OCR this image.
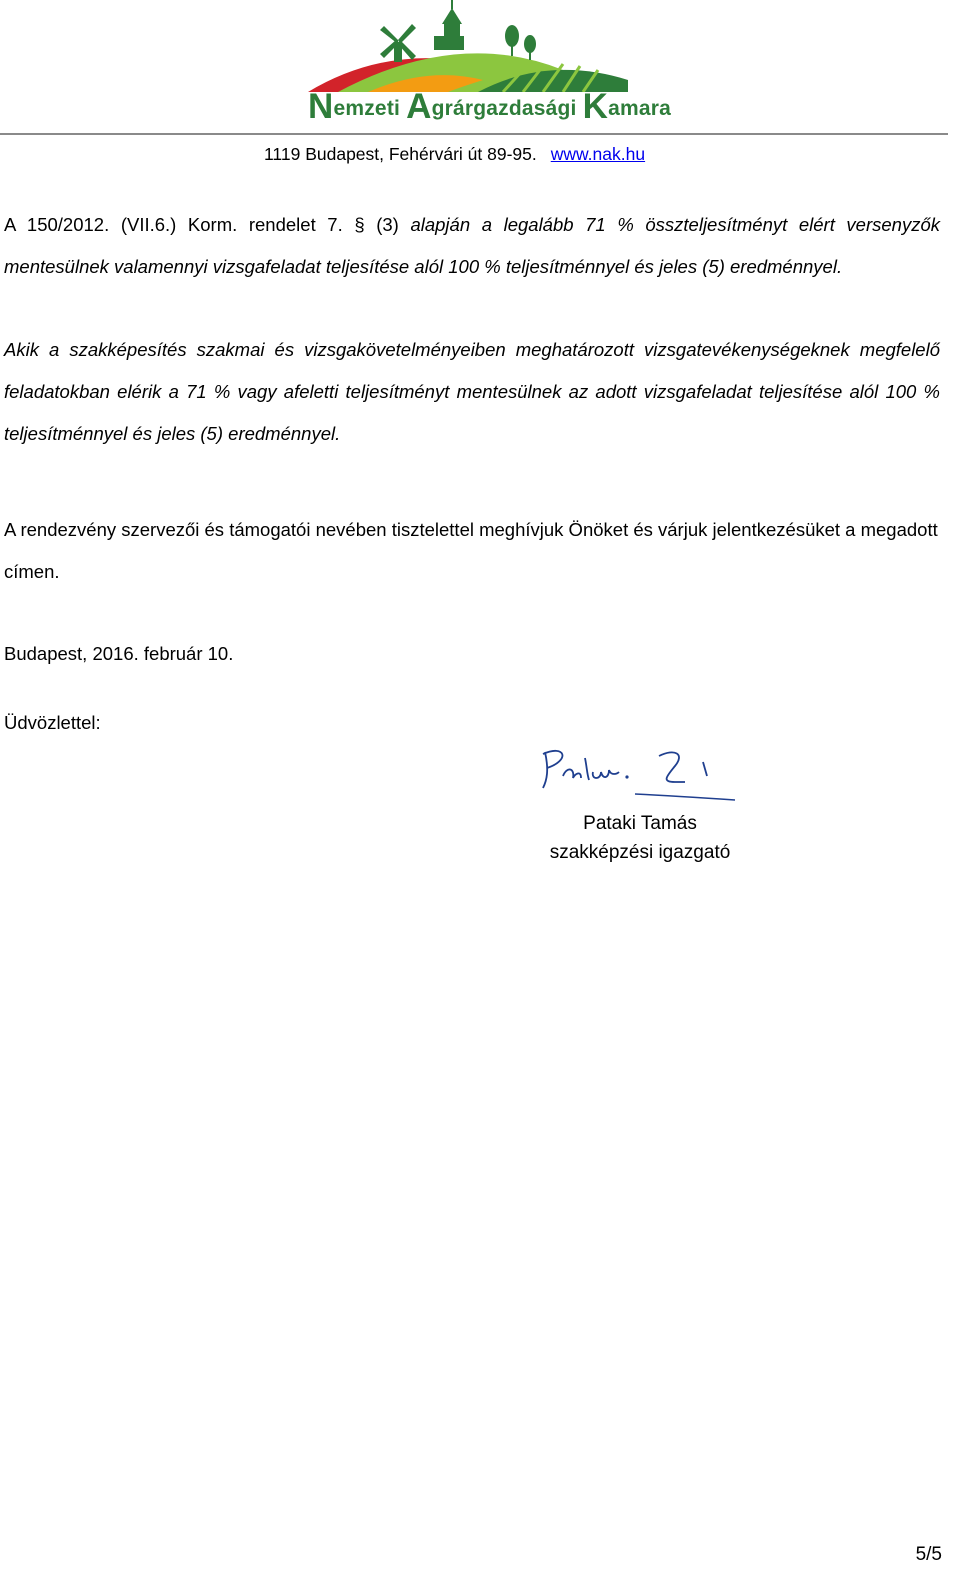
Nemzeti Agrárgazdasági Kamara
1119 Budapest, Fehérvári út 89-95. www.nak.hu

A 150/2012. (VII.6.) Korm. rendelet 7. § (3) alapján a legalább 71 % összteljesítményt elért versenyzők mentesülnek valamennyi vizsgafeladat teljesítése alól 100 % teljesítménnyel és jeles (5) eredménnyel.

Akik a szakképesítés szakmai és vizsgakövetelményeiben meghatározott vizsgatevékenységeknek megfelelő feladatokban elérik a 71 % vagy afeletti teljesítményt mentesülnek az adott vizsgafeladat teljesítése alól 100 % teljesítménnyel és jeles (5) eredménnyel.

A rendezvény szervezői és támogatói nevében tisztelettel meghívjuk Önöket és várjuk jelentkezésüket a megadott címen.

Budapest, 2016. február 10.

Üdvözlettel:

Pataki Tamás
szakképzési igazgató
5/5
